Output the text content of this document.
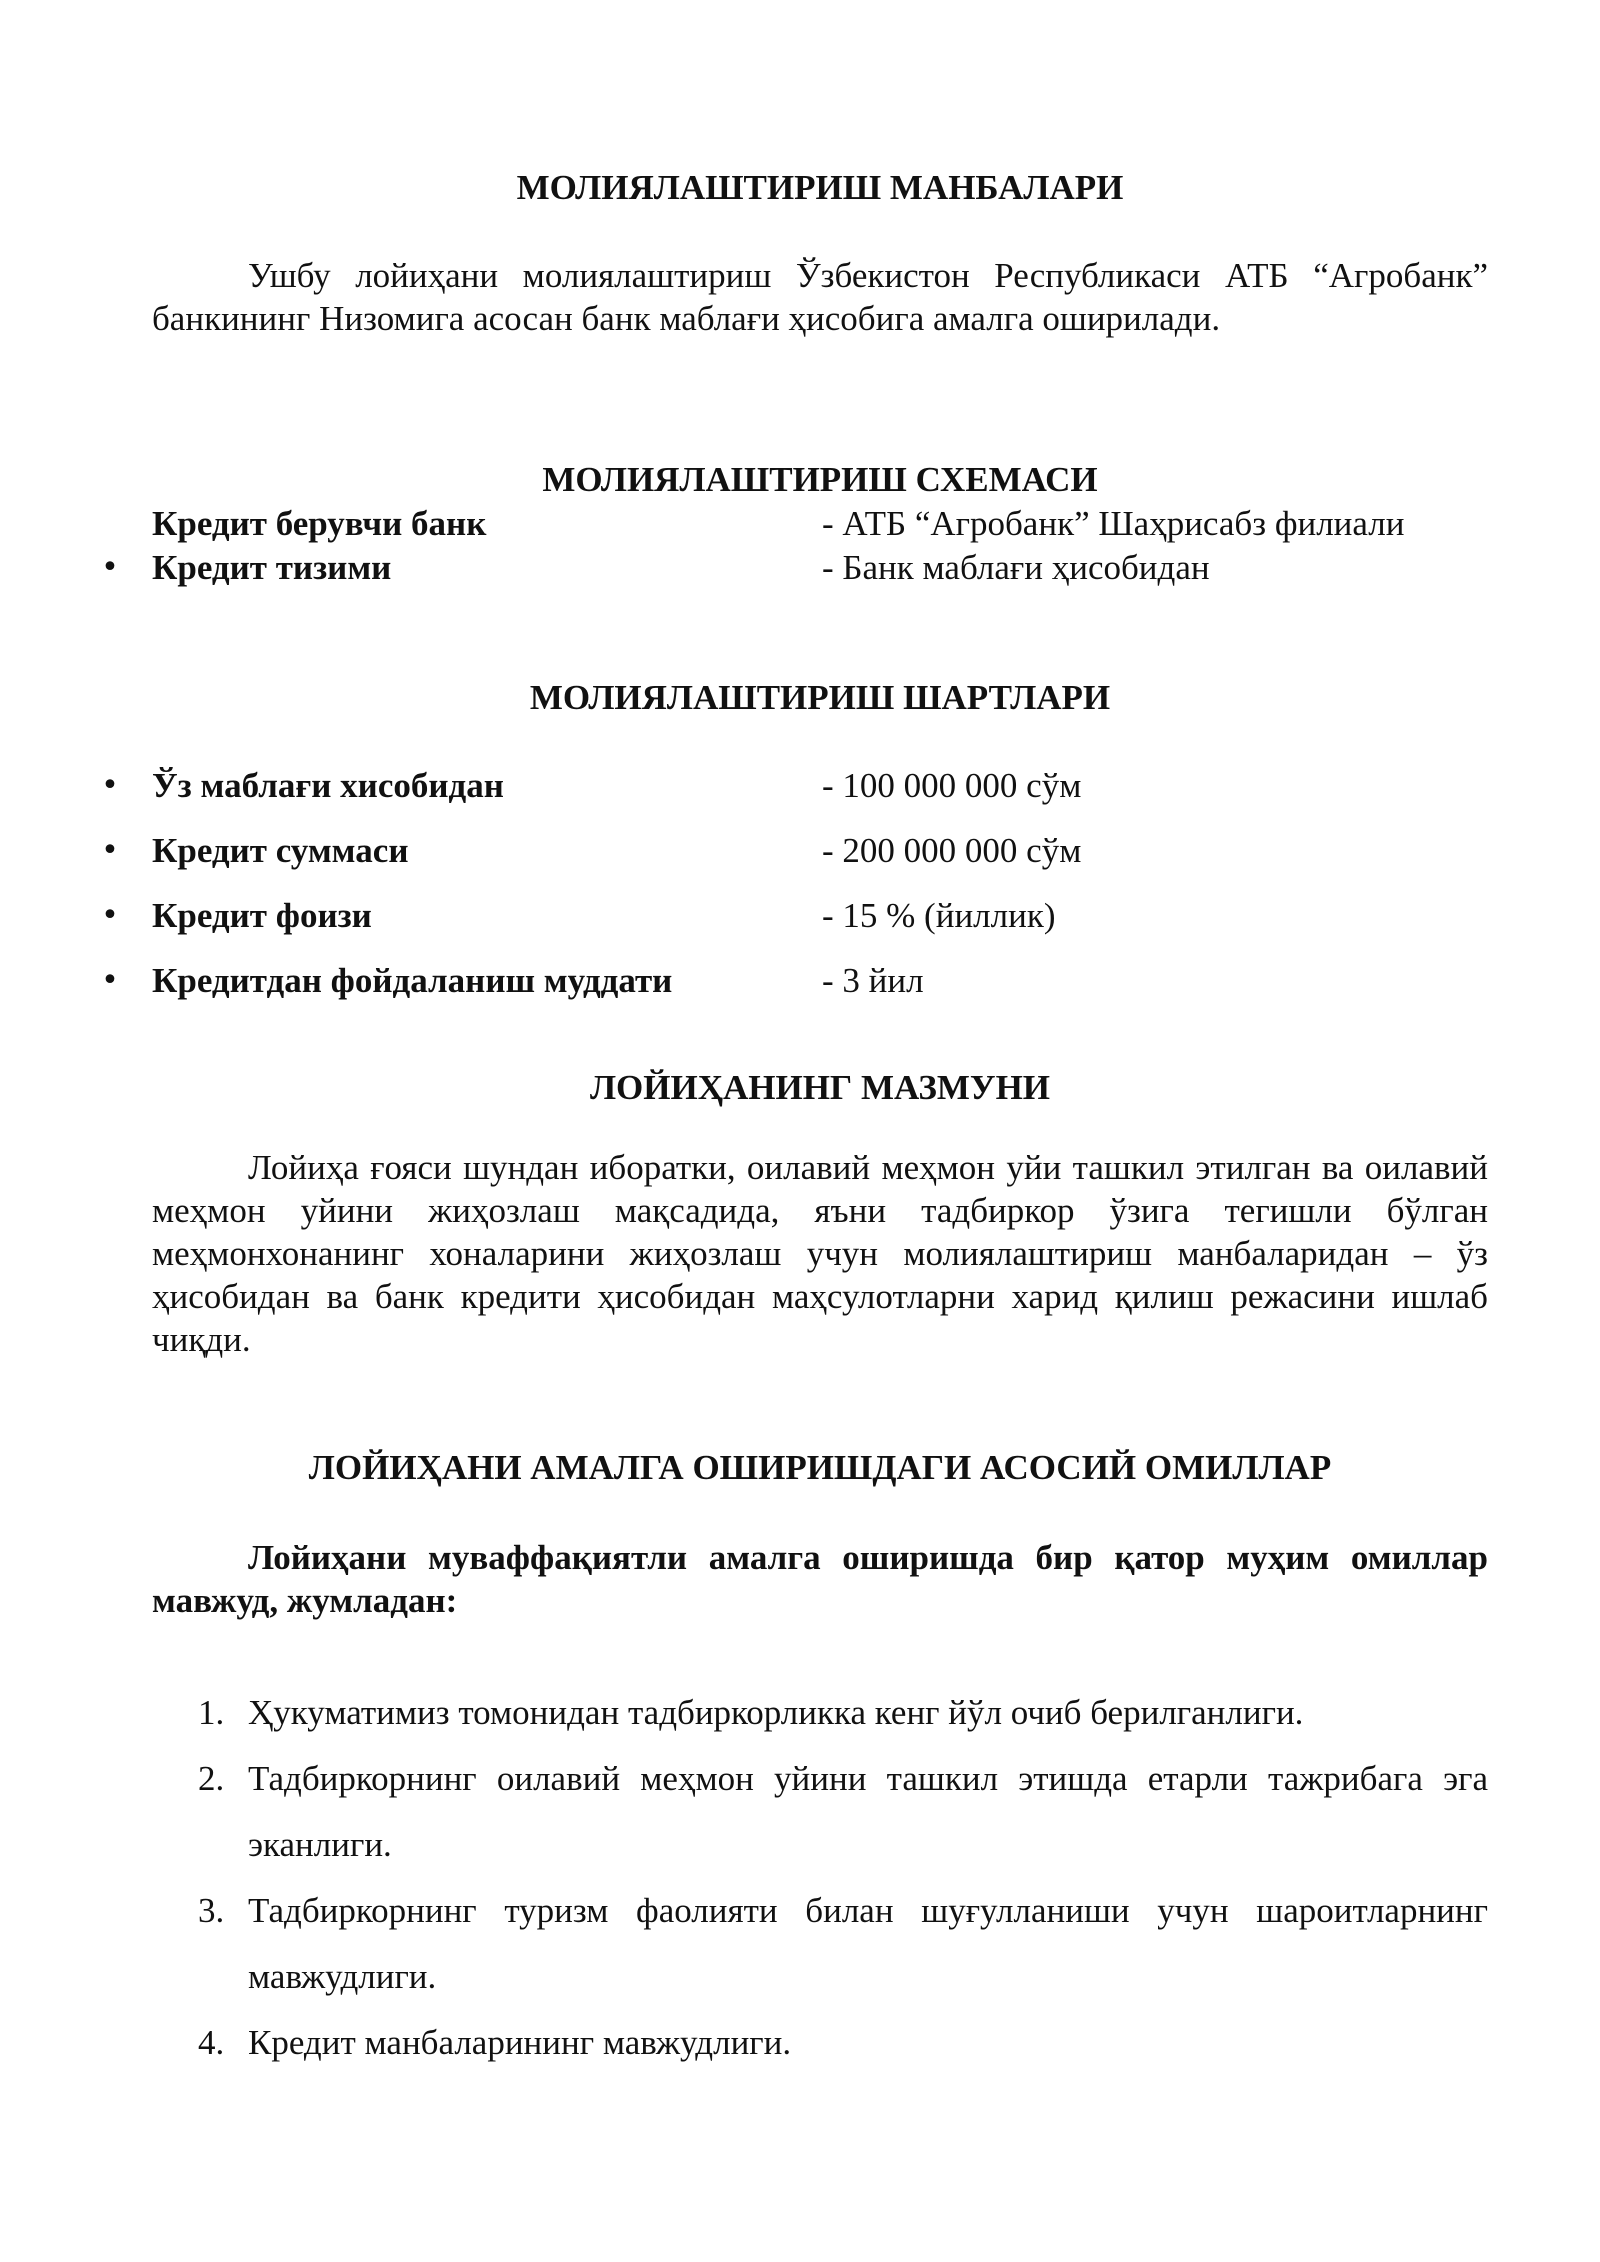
МОЛИЯЛАШТИРИШ МАНБАЛАРИ

Ушбу лойиҳани молиялаштириш Ўзбекистон Республикаси АТБ “Агробанк” банкининг Низомига асосан банк маблағи ҳисобига амалга оширилади.

МОЛИЯЛАШТИРИШ СХЕМАСИ
Кредит берувчи банк	- АТБ “Агробанк” Шаҳрисабз филиали
• Кредит тизими	- Банк маблағи ҳисобидан
МОЛИЯЛАШТИРИШ ШАРТЛАРИ
• Ўз маблағи хисобидан	- 100 000 000 сўм
• Кредит суммаси	- 200 000 000 сўм
• Кредит фоизи	- 15 % (йиллик)
• Кредитдан фойдаланиш муддати	- 3 йил
ЛОЙИҲАНИНГ МАЗМУНИ

Лойиҳа ғояси шундан иборатки, оилавий меҳмон уйи ташкил этилган ва оилавий меҳмон уйини жиҳозлаш мақсадида, яъни тадбиркор ўзига тегишли бўлган меҳмонхонанинг хоналарини жиҳозлаш учун молиялаштириш манбаларидан – ўз ҳисобидан ва банк кредити ҳисобидан маҳсулотларни харид қилиш режасини ишлаб чиқди.

ЛОЙИҲАНИ АМАЛГА ОШИРИШДАГИ АСОСИЙ ОМИЛЛАР

Лойиҳани муваффақиятли амалга оширишда бир қатор муҳим омиллар мавжуд, жумладан:

1. Ҳукуматимиз томонидан тадбиркорликка кенг йўл очиб берилганлиги.
2. Тадбиркорнинг оилавий меҳмон уйини ташкил этишда етарли тажрибага эга эканлиги.
3. Тадбиркорнинг туризм фаолияти билан шуғулланиши учун шароитларнинг мавжудлиги.
4. Кредит манбаларининг мавжудлиги.
